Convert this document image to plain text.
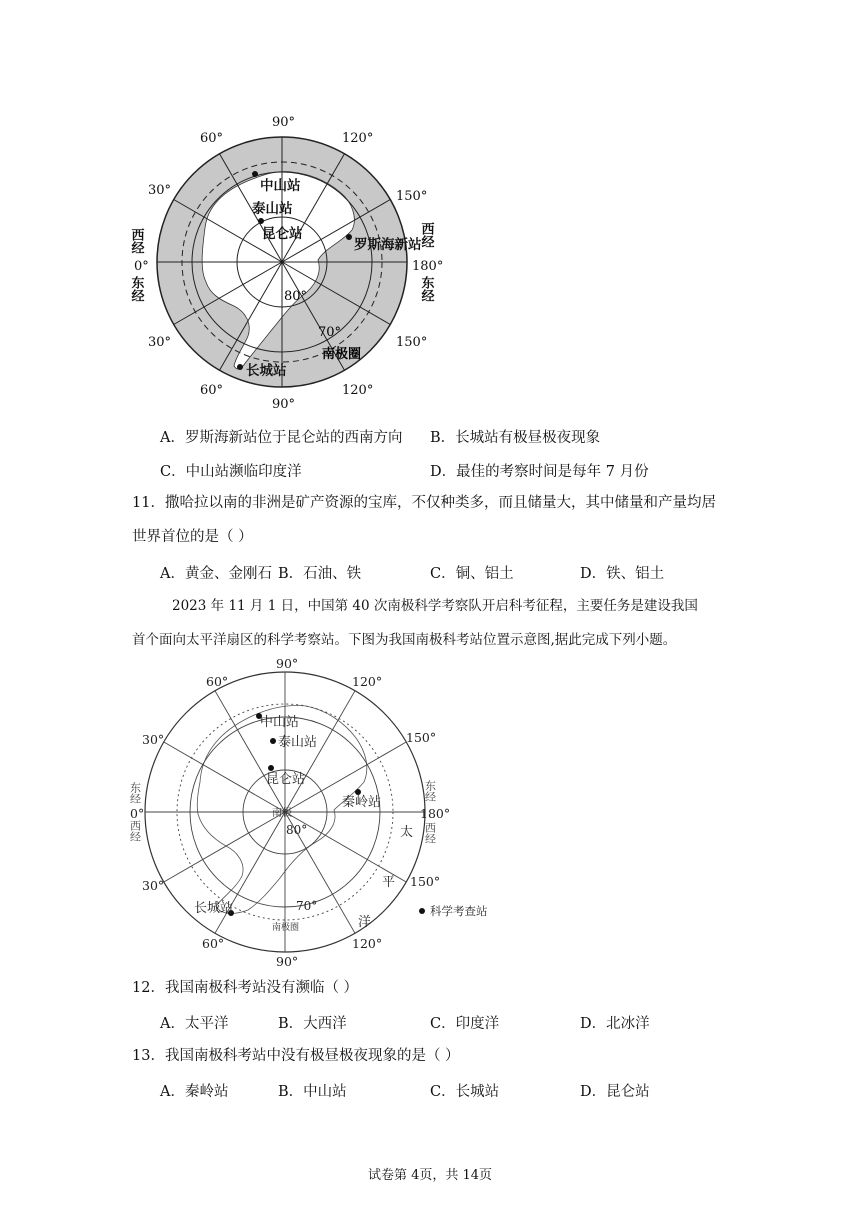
90°
60°	120°
30°	150°
0°	180°
30°	150°
60°	120°
90°
西经
东经
西经
东经
80°
70°
南极圈
中山站
泰山站
昆仑站
罗斯海新站
长城站
A．罗斯海新站位于昆仑站的西南方向 B．长城站有极昼极夜现象
C．中山站濒临印度洋	D．最佳的考察时间是每年 7 月份
11．撒哈拉以南的非洲是矿产资源的宝库，不仅种类多，而且储量大，其中储量和产量均居
世界首位的是（ ）
A．黄金、金刚石 B．石油、铁	C．铜、铝土	D．铁、铝土
2023 年 11 月 1 日，中国第 40 次南极科学考察队开启科考征程，主要任务是建设我国
首个面向太平洋扇区的科学考察站。下图为我国南极科考站位置示意图,据此完成下列小题。
90°
60°	120°
30°	150°
0°	180°
30°	150°
60°	120°
90°
东经
西经
东经
西经
南极
80°
70°
南极圈
太
平
洋
中山站
泰山站
昆仑站
秦岭站
长城站	科学考查站
12．我国南极科考站没有濒临（ ）
A．太平洋	B．大西洋	C．印度洋	D．北冰洋
13．我国南极科考站中没有极昼极夜现象的是（ ）
A．秦岭站	B．中山站	C．长城站	D．昆仑站
试卷第 4页，共 14页
